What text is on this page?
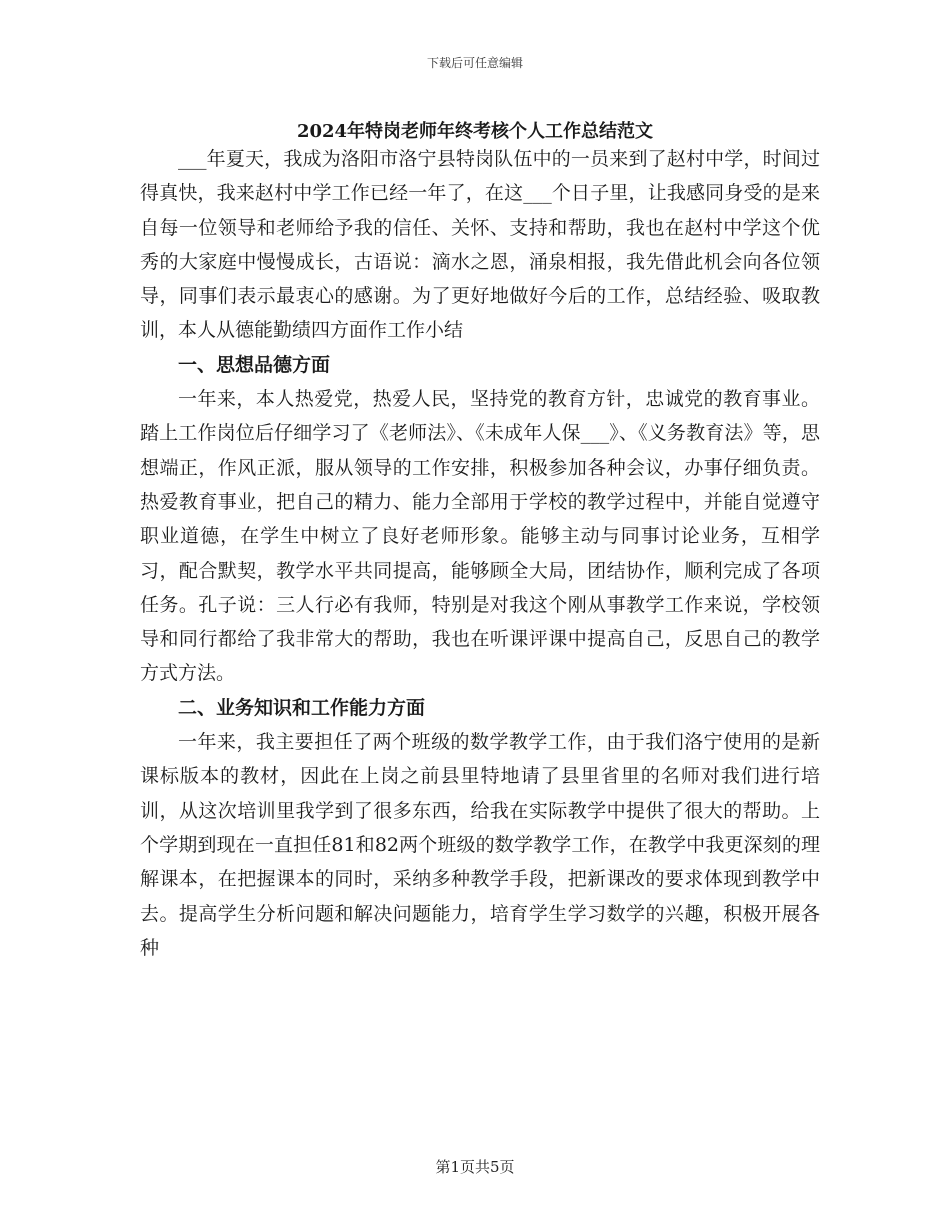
下载后可任意编辑
2024年特岗老师年终考核个人工作总结范文

___年夏天，我成为洛阳市洛宁县特岗队伍中的一员来到了赵村中学，时间过得真快，我来赵村中学工作已经一年了，在这___个日子里，让我感同身受的是来自每一位领导和老师给予我的信任、关怀、支持和帮助，我也在赵村中学这个优秀的大家庭中慢慢成长，古语说：滴水之恩，涌泉相报，我先借此机会向各位领导，同事们表示最衷心的感谢。为了更好地做好今后的工作，总结经验、吸取教训，本人从德能勤绩四方面作工作小结

一、思想品德方面

一年来，本人热爱党，热爱人民，坚持党的教育方针，忠诚党的教育事业。踏上工作岗位后仔细学习了《老师法》、《未成年人保___》、《义务教育法》等，思想端正，作风正派，服从领导的工作安排，积极参加各种会议，办事仔细负责。热爱教育事业，把自己的精力、能力全部用于学校的教学过程中，并能自觉遵守职业道德，在学生中树立了良好老师形象。能够主动与同事讨论业务，互相学习，配合默契，教学水平共同提高，能够顾全大局，团结协作，顺利完成了各项任务。孔子说：三人行必有我师，特别是对我这个刚从事教学工作来说，学校领导和同行都给了我非常大的帮助，我也在听课评课中提高自己，反思自己的教学方式方法。

二、业务知识和工作能力方面

一年来，我主要担任了两个班级的数学教学工作，由于我们洛宁使用的是新课标版本的教材，因此在上岗之前县里特地请了县里省里的名师对我们进行培训，从这次培训里我学到了很多东西，给我在实际教学中提供了很大的帮助。上个学期到现在一直担任81和82两个班级的数学教学工作，在教学中我更深刻的理解课本，在把握课本的同时，采纳多种教学手段，把新课改的要求体现到教学中去。提高学生分析问题和解决问题能力，培育学生学习数学的兴趣，积极开展各种

第1页共5页
